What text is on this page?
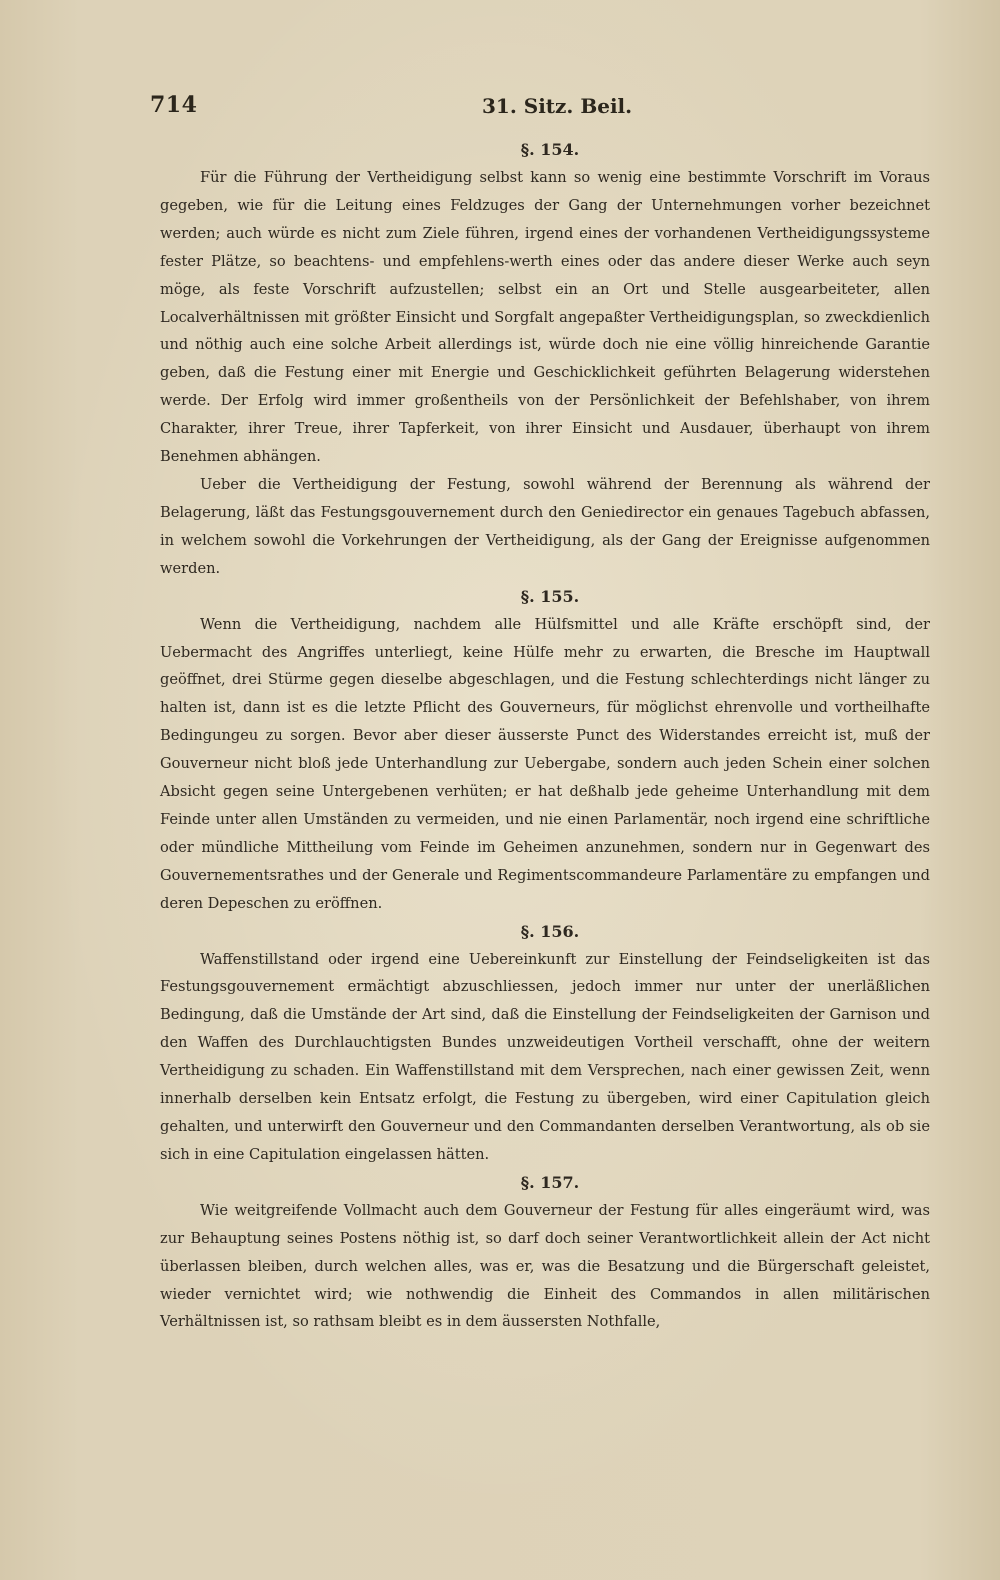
714	31. Sitz. Beil.

§. 154.

Für die Führung der Vertheidigung selbst kann so wenig eine bestimmte Vorschrift im Voraus gegeben, wie für die Leitung eines Feldzuges der Gang der Unternehmungen vorher bezeichnet werden; auch würde es nicht zum Ziele führen, irgend eines der vorhandenen Vertheidigungssysteme fester Plätze, so beachtens- und empfehlens-werth eines oder das andere dieser Werke auch seyn möge, als feste Vorschrift aufzustellen; selbst ein an Ort und Stelle ausgearbeiteter, allen Localverhältnissen mit größter Einsicht und Sorgfalt angepaßter Vertheidigungsplan, so zweckdienlich und nöthig auch eine solche Arbeit allerdings ist, würde doch nie eine völlig hinreichende Garantie geben, daß die Festung einer mit Energie und Geschicklichkeit geführten Belagerung widerstehen werde. Der Erfolg wird immer großentheils von der Persönlichkeit der Befehlshaber, von ihrem Charakter, ihrer Treue, ihrer Tapferkeit, von ihrer Einsicht und Ausdauer, überhaupt von ihrem Benehmen abhängen.

Ueber die Vertheidigung der Festung, sowohl während der Berennung als während der Belagerung, läßt das Festungsgouvernement durch den Geniedirector ein genaues Tagebuch abfassen, in welchem sowohl die Vorkehrungen der Vertheidigung, als der Gang der Ereignisse aufgenommen werden.

§. 155.

Wenn die Vertheidigung, nachdem alle Hülfsmittel und alle Kräfte erschöpft sind, der Uebermacht des Angriffes unterliegt, keine Hülfe mehr zu erwarten, die Bresche im Hauptwall geöffnet, drei Stürme gegen dieselbe abgeschlagen, und die Festung schlechterdings nicht länger zu halten ist, dann ist es die letzte Pflicht des Gouverneurs, für möglichst ehrenvolle und vortheilhafte Bedingungeu zu sorgen. Bevor aber dieser äusserste Punct des Widerstandes erreicht ist, muß der Gouverneur nicht bloß jede Unterhandlung zur Uebergabe, sondern auch jeden Schein einer solchen Absicht gegen seine Untergebenen verhüten; er hat deßhalb jede geheime Unterhandlung mit dem Feinde unter allen Umständen zu vermeiden, und nie einen Parlamentär, noch irgend eine schriftliche oder mündliche Mittheilung vom Feinde im Geheimen anzunehmen, sondern nur in Gegenwart des Gouvernementsrathes und der Generale und Regimentscommandeure Parlamentäre zu empfangen und deren Depeschen zu eröffnen.

§. 156.

Waffenstillstand oder irgend eine Uebereinkunft zur Einstellung der Feindseligkeiten ist das Festungsgouvernement ermächtigt abzuschliessen, jedoch immer nur unter der unerläßlichen Bedingung, daß die Umstände der Art sind, daß die Einstellung der Feindseligkeiten der Garnison und den Waffen des Durchlauchtigsten Bundes unzweideutigen Vortheil verschafft, ohne der weitern Vertheidigung zu schaden. Ein Waffenstillstand mit dem Versprechen, nach einer gewissen Zeit, wenn innerhalb derselben kein Entsatz erfolgt, die Festung zu übergeben, wird einer Capitulation gleich gehalten, und unterwirft den Gouverneur und den Commandanten derselben Verantwortung, als ob sie sich in eine Capitulation eingelassen hätten.

§. 157.

Wie weitgreifende Vollmacht auch dem Gouverneur der Festung für alles eingeräumt wird, was zur Behauptung seines Postens nöthig ist, so darf doch seiner Verantwortlichkeit allein der Act nicht überlassen bleiben, durch welchen alles, was er, was die Besatzung und die Bürgerschaft geleistet, wieder vernichtet wird; wie nothwendig die Einheit des Commandos in allen militärischen Verhältnissen ist, so rathsam bleibt es in dem äussersten Nothfalle,
